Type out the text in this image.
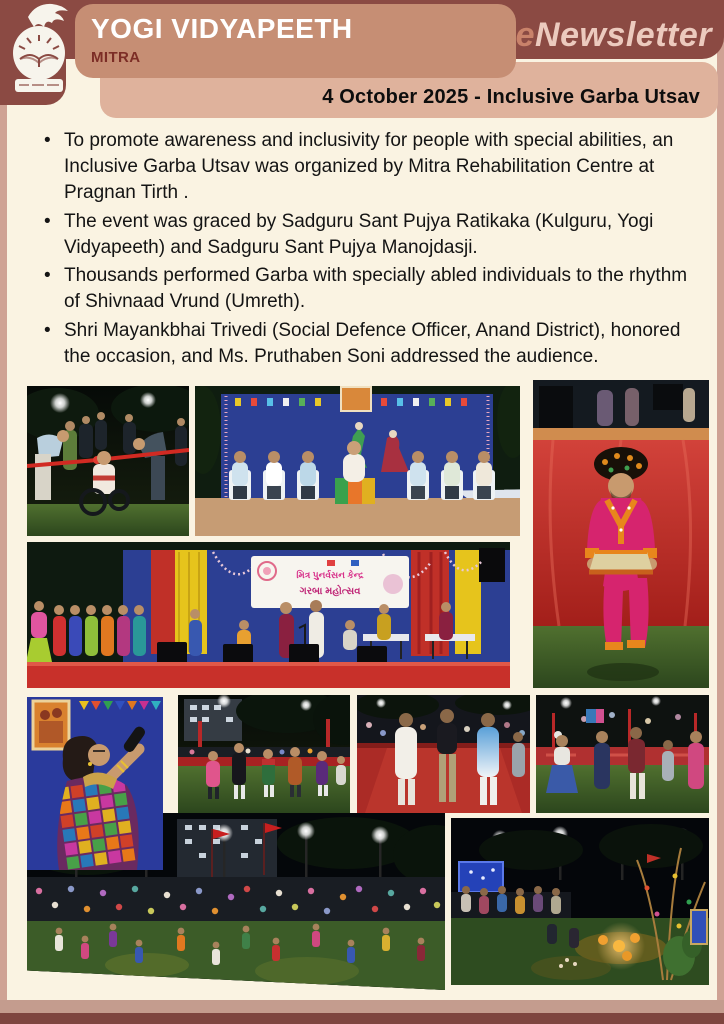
4 October 2025 - Inclusive Garba Utsav
YOGI VIDYAPEETH
MITRA
eNewsletter
• To promote awareness and inclusivity for people with special abilities, an Inclusive Garba Utsav was organized by Mitra Rehabilitation Centre at Pragnan Tirth .
• The event was graced by Sadguru Sant Pujya Ratikaka (Kulguru, Yogi Vidyapeeth) and Sadguru Sant Pujya Manojdasji.
• Thousands performed Garba with specially abled individuals to the rhythm of Shivnaad Vrund (Umreth).
• Shri Mayankbhai Trivedi (Social Defence Officer, Anand District), honored the occasion, and Ms. Pruthaben Soni addressed the audience.
મિત્ર પુનર્વસન કેન્દ્ર
ગરબા મહોત્સવ
